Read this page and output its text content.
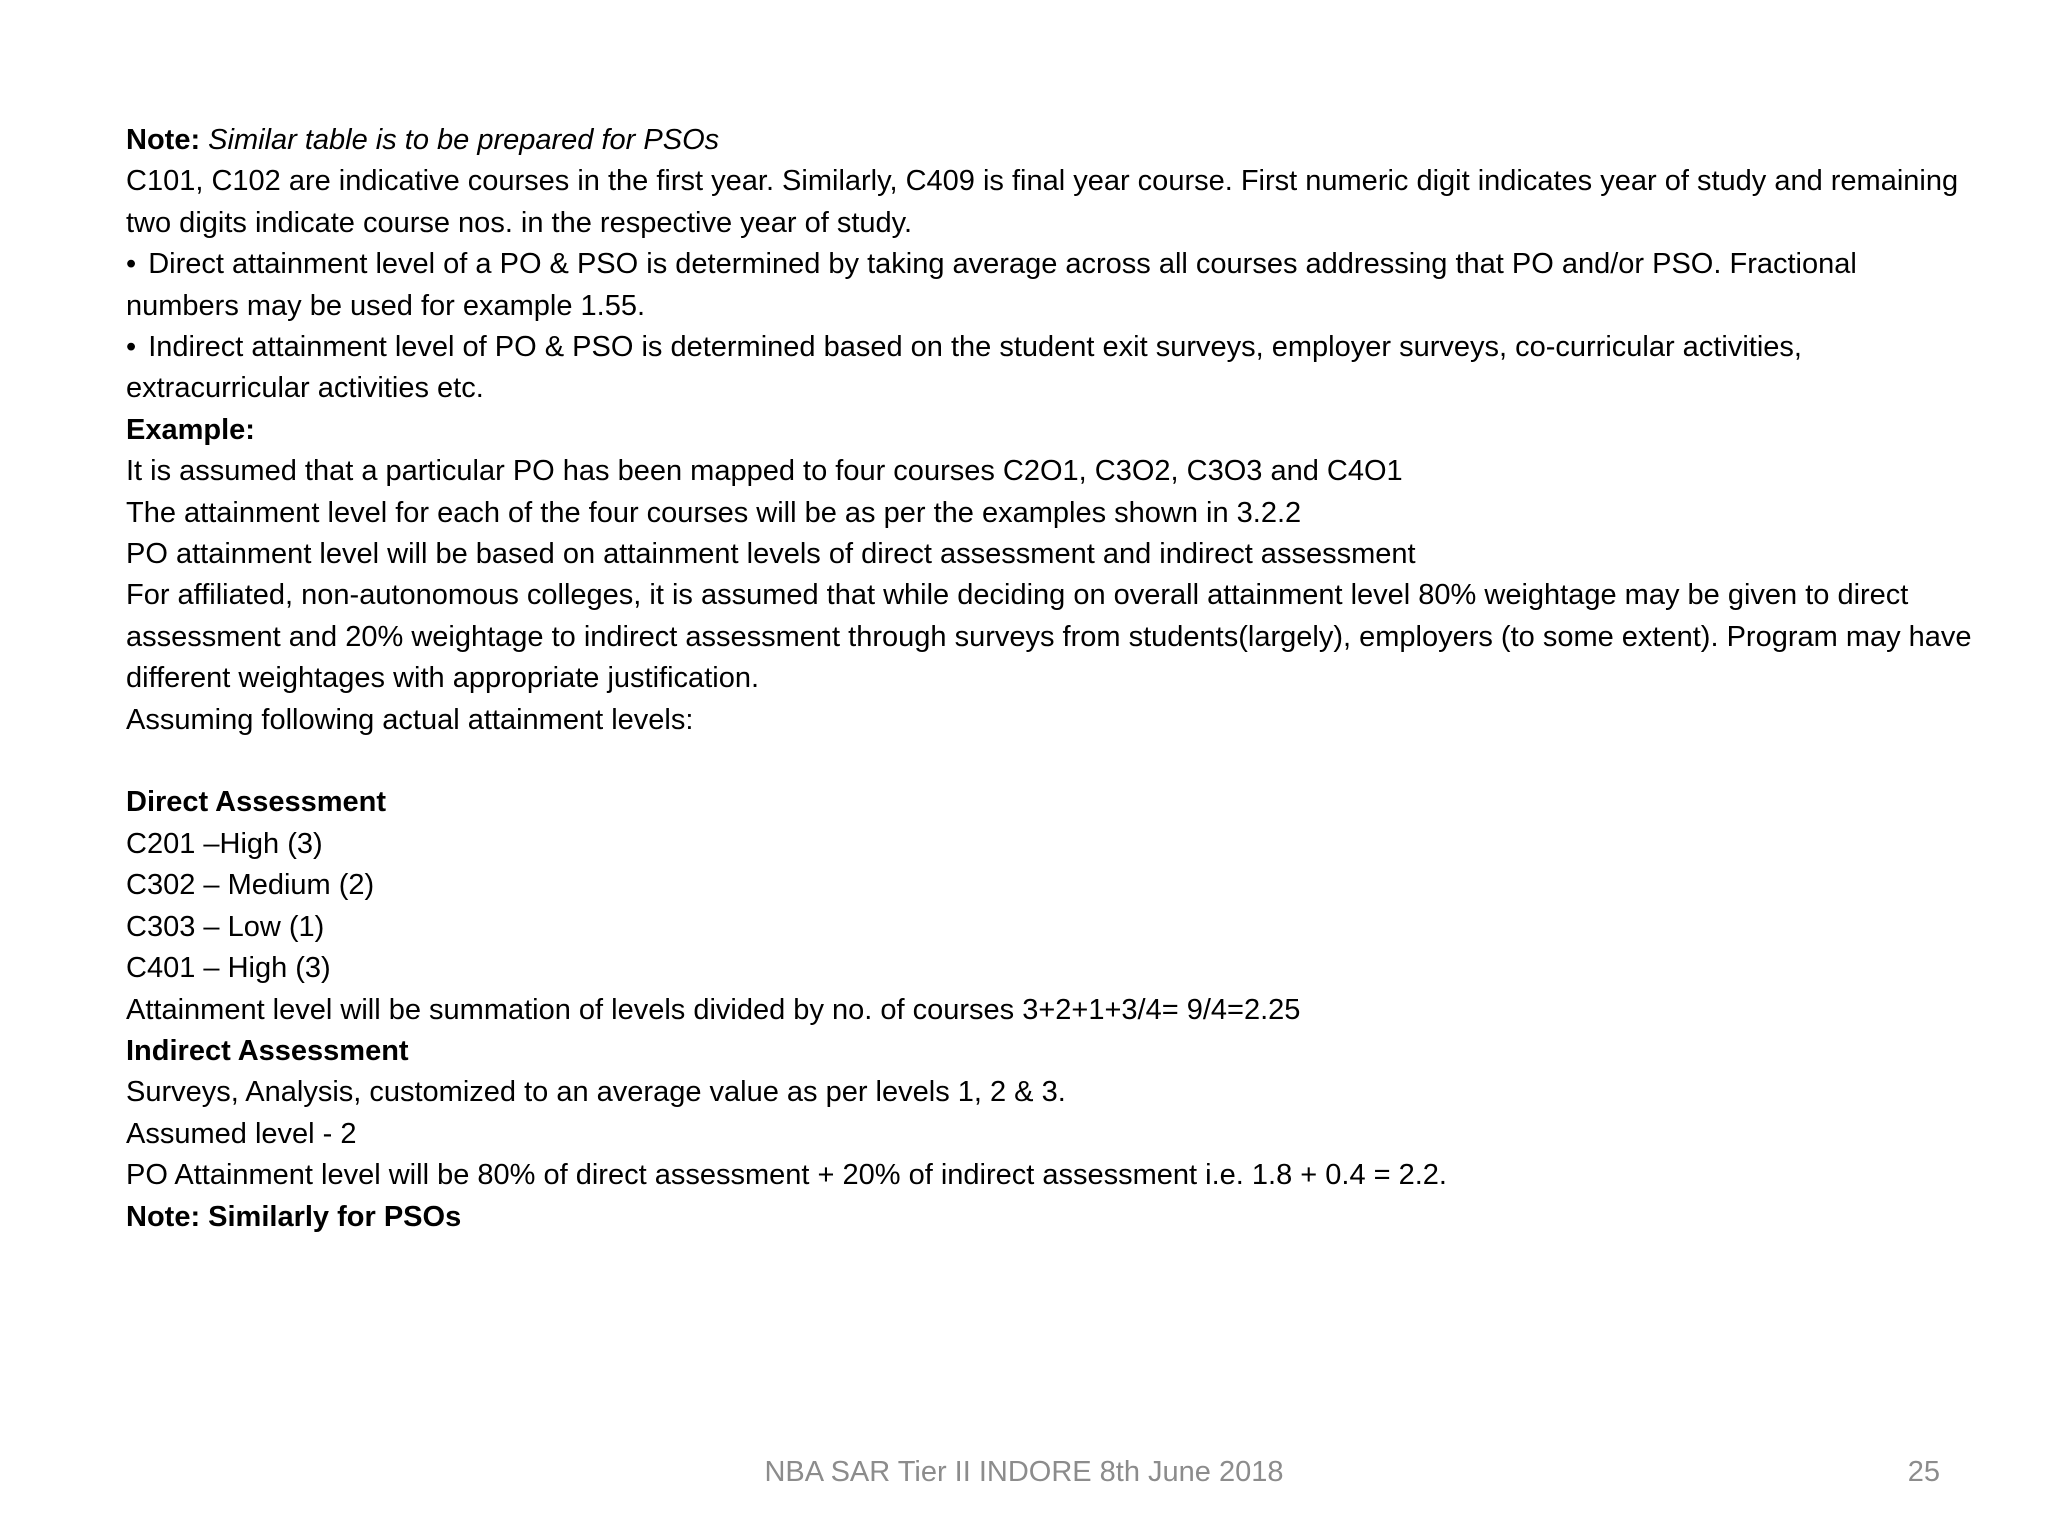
Note: Similar table is to be prepared for PSOs
C101, C102 are indicative courses in the first year. Similarly, C409 is final year course. First numeric digit indicates year of study and remaining two digits indicate course nos. in the respective year of study.
• Direct attainment level of a PO & PSO is determined by taking average across all courses addressing that PO and/or PSO. Fractional numbers may be used for example 1.55.
• Indirect attainment level of PO & PSO is determined based on the student exit surveys, employer surveys, co-curricular activities, extracurricular activities etc.
Example:
It is assumed that a particular PO has been mapped to four courses C2O1, C3O2, C3O3 and C4O1
The attainment level for each of the four courses will be as per the examples shown in 3.2.2
PO attainment level will be based on attainment levels of direct assessment and indirect assessment
For affiliated, non-autonomous colleges, it is assumed that while deciding on overall attainment level 80% weightage may be given to direct assessment and 20% weightage to indirect assessment through surveys from students(largely), employers (to some extent). Program may have different weightages with appropriate justification.
Assuming following actual attainment levels:
Direct Assessment
C201 –High (3)
C302 – Medium (2)
C303 – Low (1)
C401 – High (3)
Attainment level will be summation of levels divided by no. of courses 3+2+1+3/4= 9/4=2.25
Indirect Assessment
Surveys, Analysis, customized to an average value as per levels 1, 2 & 3.
Assumed level - 2
PO Attainment level will be 80% of direct assessment + 20% of indirect assessment i.e. 1.8 + 0.4 = 2.2.
Note: Similarly for PSOs
NBA SAR Tier II INDORE 8th June 2018	25
